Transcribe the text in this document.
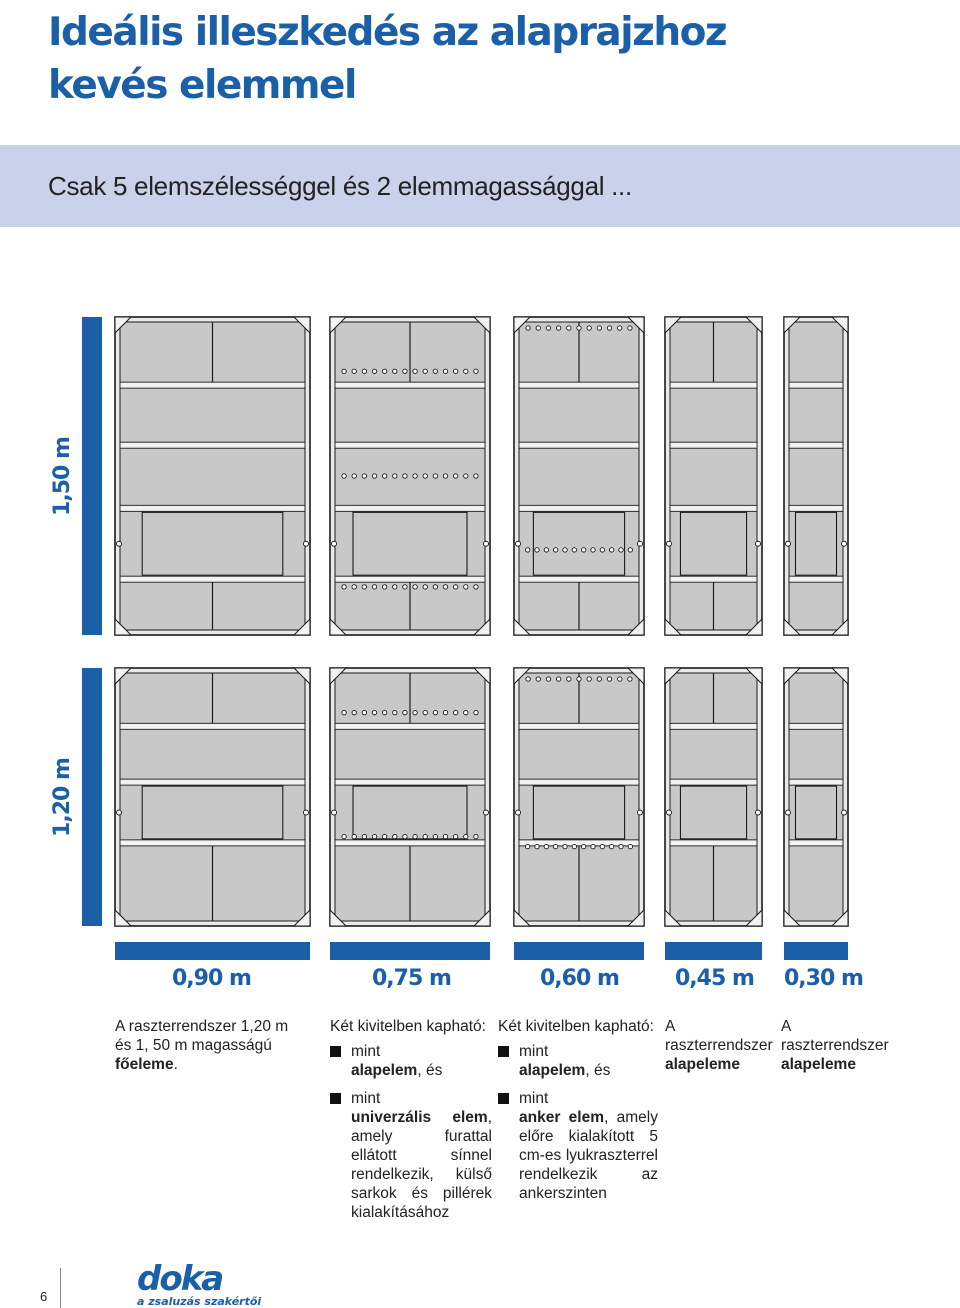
Ideális illeszkedés az alaprajzhoz
kevés elemmel
Csak 5 elemszélességgel és 2 elemmagassággal ...
1,50 m
1,20 m
0,90 m	0,75 m	0,60 m	0,45 m 0,30 m

A raszterrendszer 1,20 m

és 1, 50 m magasságú

főeleme.

Két kivitelben kapható:

mint
alapelem, és
mint
univerzális elem, amely furattal ellátott sínnel rendelkezik, külső sarkok és pillérek kialakításához

Két kivitelben kapható:

mint
alapelem, és
mint
anker elem, amely előre kialakított 5 cm-es lyukraszterrel rendelkezik az ankerszinten
A raszterrendszer alapeleme
A raszterrendszer alapeleme
6	doka
a zsaluzás szakértői
